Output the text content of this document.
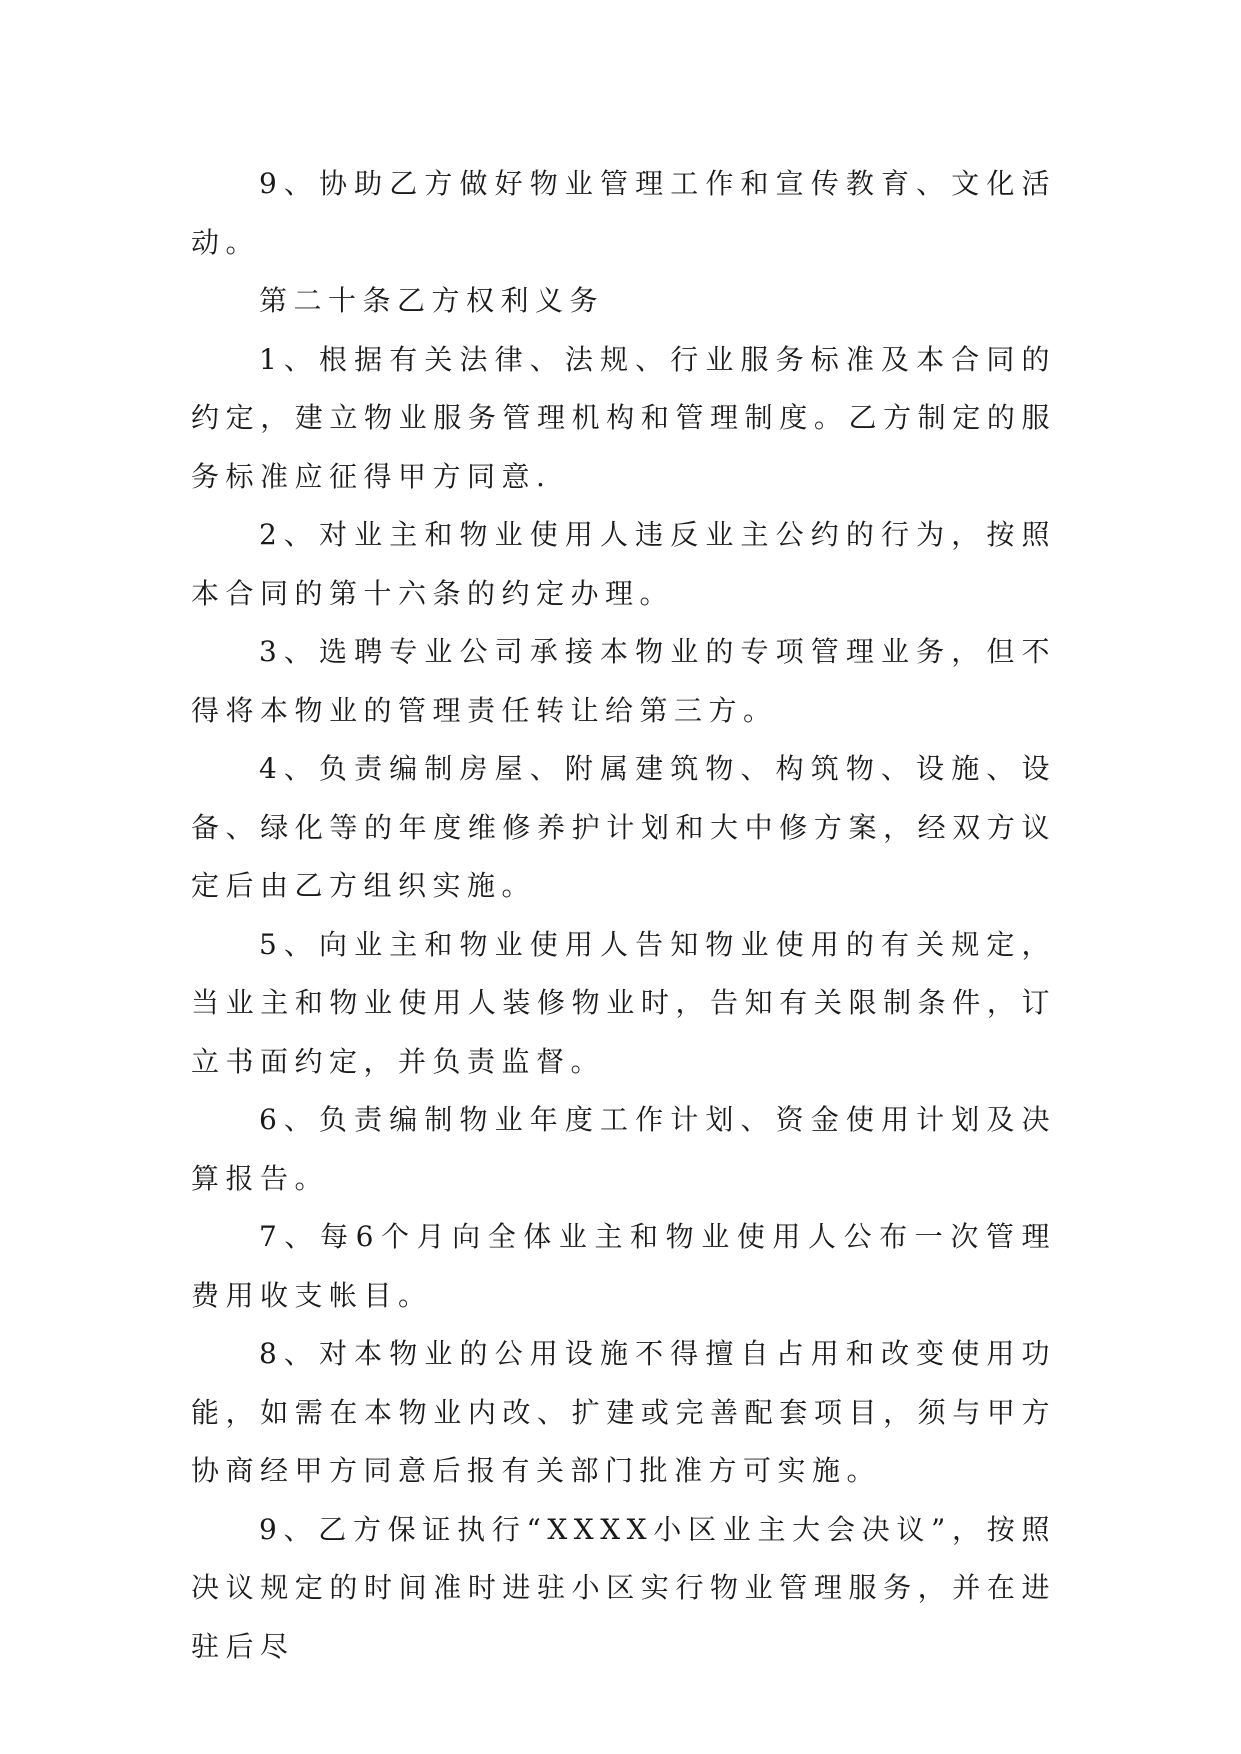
9、协助乙方做好物业管理工作和宣传教育、文化活动。

第二十条乙方权利义务

1、根据有关法律、法规、行业服务标准及本合同的约定，建立物业服务管理机构和管理制度。乙方制定的服务标准应征得甲方同意.

2、对业主和物业使用人违反业主公约的行为，按照本合同的第十六条的约定办理。

3、选聘专业公司承接本物业的专项管理业务，但不得将本物业的管理责任转让给第三方。

4、负责编制房屋、附属建筑物、构筑物、设施、设备、绿化等的年度维修养护计划和大中修方案，经双方议定后由乙方组织实施。

5、向业主和物业使用人告知物业使用的有关规定，当业主和物业使用人装修物业时，告知有关限制条件，订立书面约定，并负责监督。

6、负责编制物业年度工作计划、资金使用计划及决算报告。

7、每6个月向全体业主和物业使用人公布一次管理费用收支帐目。

8、对本物业的公用设施不得擅自占用和改变使用功能，如需在本物业内改、扩建或完善配套项目，须与甲方协商经甲方同意后报有关部门批准方可实施。

9、乙方保证执行“XXXX小区业主大会决议”，按照决议规定的时间准时进驻小区实行物业管理服务，并在进驻后尽
